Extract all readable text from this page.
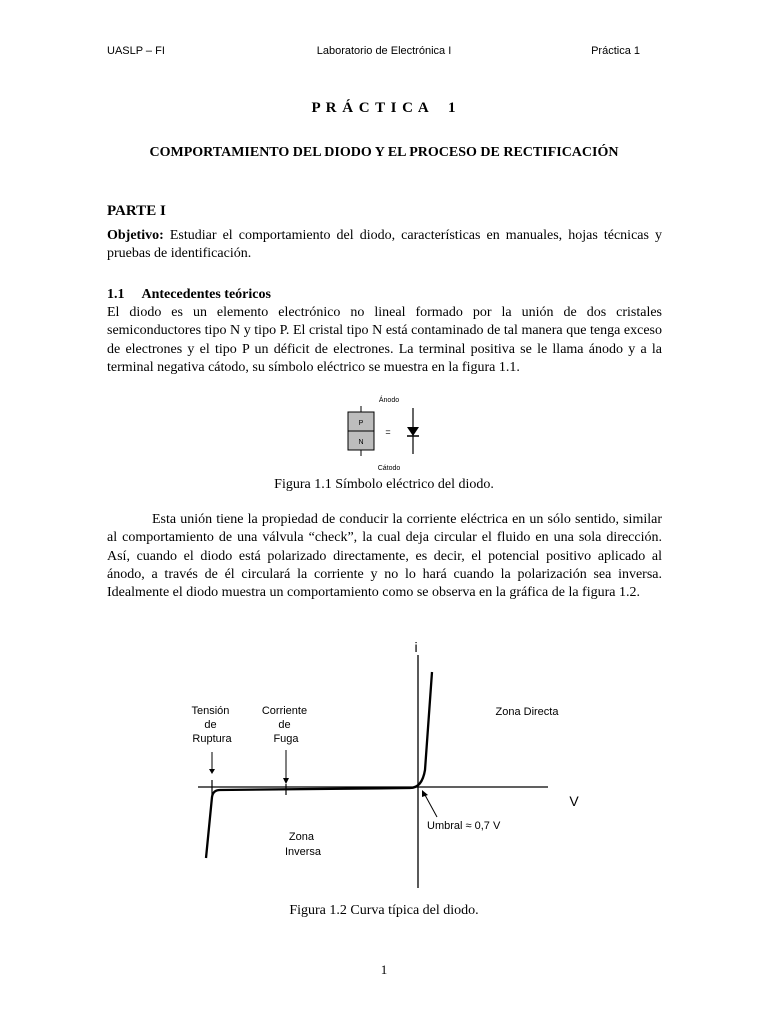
UASLP – FI	Laboratorio de Electrónica I	Práctica 1
P R Á C T I C A    1
COMPORTAMIENTO DEL DIODO Y EL PROCESO DE RECTIFICACIÓN
PARTE I

Objetivo: Estudiar el comportamiento del diodo, características en manuales, hojas técnicas y pruebas de identificación.

1.1 Antecedentes teóricos

El diodo es un elemento electrónico no lineal formado por la unión de dos cristales semiconductores tipo N y tipo P. El cristal tipo N está contaminado de tal manera que tenga exceso de electrones y el tipo P un déficit de electrones. La terminal positiva se le llama ánodo y a la terminal negativa cátodo, su símbolo eléctrico se muestra en la figura 1.1.

Ánodo
P
N
=
Cátodo
Figura 1.1 Símbolo eléctrico del diodo.

Esta unión tiene la propiedad de conducir la corriente eléctrica en un sólo sentido, similar al comportamiento de una válvula “check”, la cual deja circular el fluido en una sola dirección. Así, cuando el diodo está polarizado directamente, es decir, el potencial positivo aplicado al ánodo, a través de él circulará la corriente y no lo hará cuando la polarización sea inversa. Idealmente el diodo muestra un comportamiento como se observa en la gráfica de la figura 1.2.

i
V
Tensión de Ruptura
Corriente de Fuga
Zona Directa
Zona Inversa
Umbral ≈ 0,7 V
Figura 1.2 Curva típica del diodo.
1
